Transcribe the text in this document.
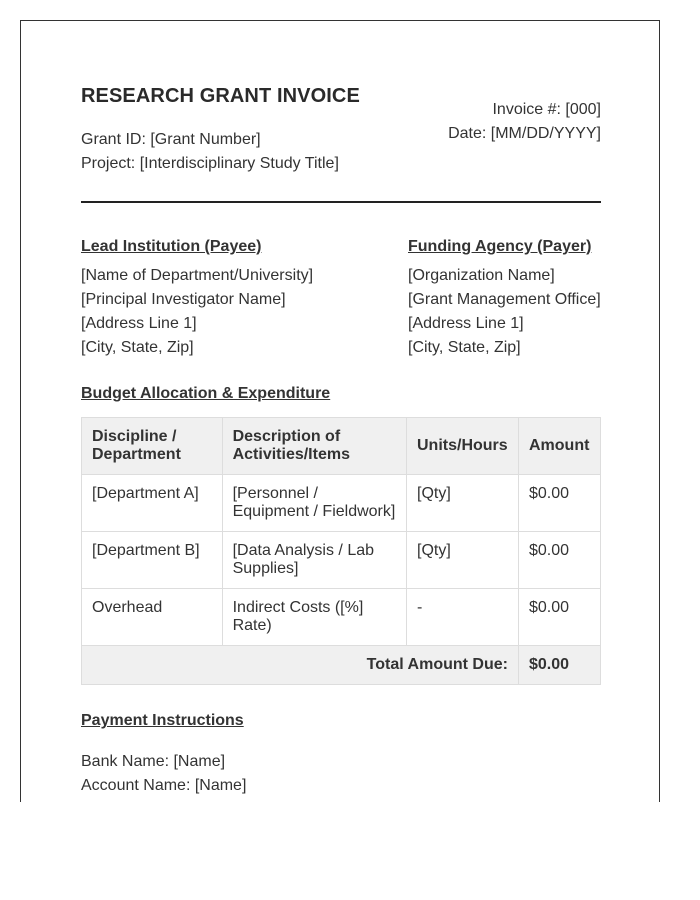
RESEARCH GRANT INVOICE
Grant ID: [Grant Number]
Project: [Interdisciplinary Study Title]
Invoice #: [000]
Date: [MM/DD/YYYY]
Lead Institution (Payee)
[Name of Department/University]
[Principal Investigator Name]
[Address Line 1]
[City, State, Zip]
Funding Agency (Payer)
[Organization Name]
[Grant Management Office]
[Address Line 1]
[City, State, Zip]
Budget Allocation & Expenditure
Discipline / Department	Description of Activities/Items	Units/Hours	Amount
[Department A]	[Personnel / Equipment / Fieldwork]	[Qty]	$0.00
[Department B]	[Data Analysis / Lab Supplies]	[Qty]	$0.00
Overhead	Indirect Costs ([%] Rate)	-	$0.00
Total Amount Due:			$0.00
Payment Instructions
Bank Name: [Name]
Account Name: [Name]
